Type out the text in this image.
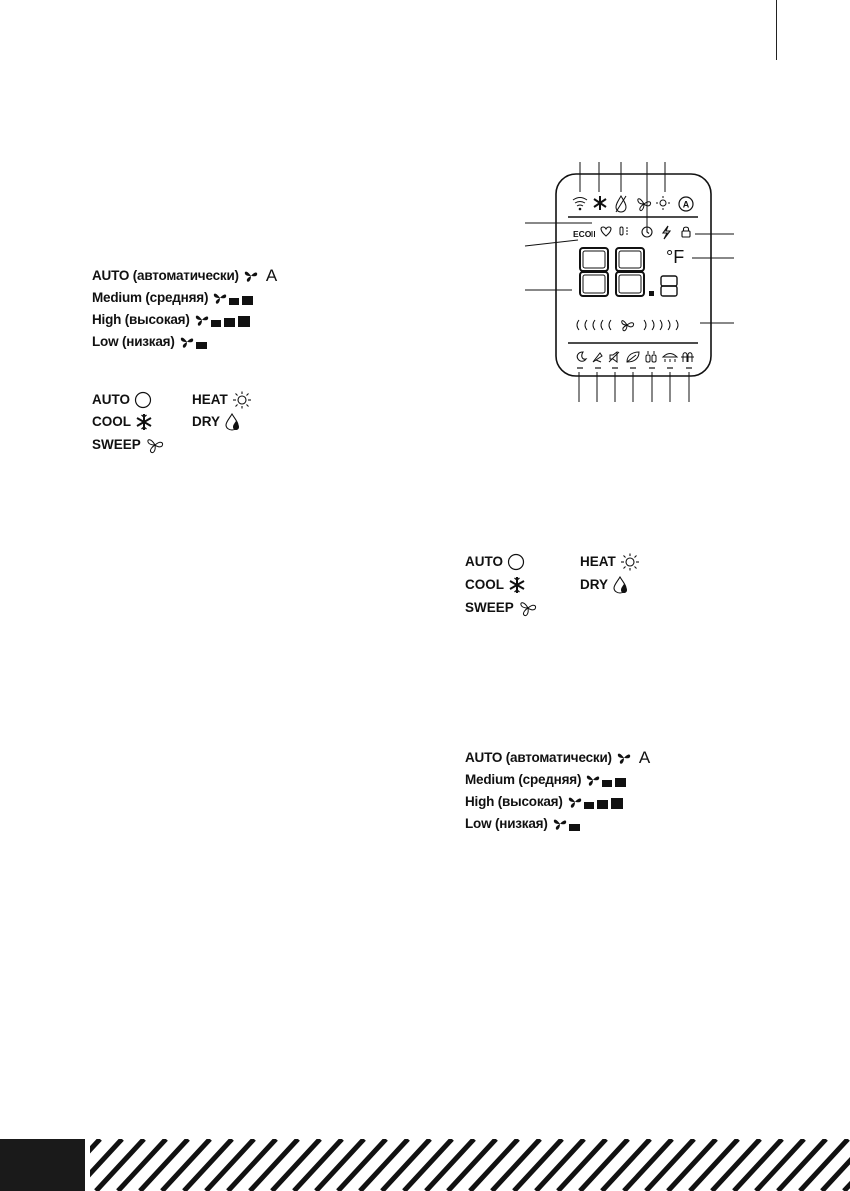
AUTO (автоматически) A
Medium (средняя)
High (высокая)
Low (низкая)
AUTO	HEAT
COOL	DRY
SWEEP
A
ECO
°F
AUTO	HEAT
COOL	DRY
SWEEP
AUTO (автоматически) A
Medium (средняя)
High (высокая)
Low (низкая)
